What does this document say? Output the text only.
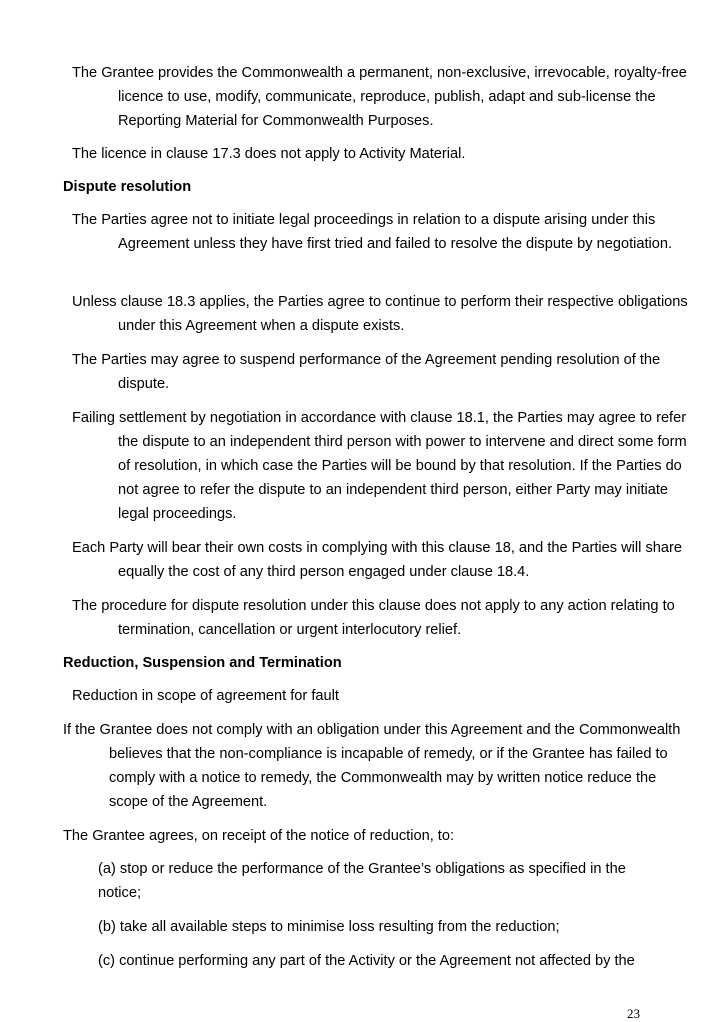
The Grantee provides the Commonwealth a permanent, non-exclusive, irrevocable, royalty-free licence to use, modify, communicate, reproduce, publish, adapt and sub-license the Reporting Material for Commonwealth Purposes.

The licence in clause 17.3 does not apply to Activity Material.

Dispute resolution

The Parties agree not to initiate legal proceedings in relation to a dispute arising under this Agreement unless they have first tried and failed to resolve the dispute by negotiation.

Unless clause 18.3 applies, the Parties agree to continue to perform their respective obligations under this Agreement when a dispute exists.

The Parties may agree to suspend performance of the Agreement pending resolution of the dispute.

Failing settlement by negotiation in accordance with clause 18.1, the Parties may agree to refer the dispute to an independent third person with power to intervene and direct some form of resolution, in which case the Parties will be bound by that resolution. If the Parties do not agree to refer the dispute to an independent third person, either Party may initiate legal proceedings.

Each Party will bear their own costs in complying with this clause 18, and the Parties will share equally the cost of any third person engaged under clause 18.4.

The procedure for dispute resolution under this clause does not apply to any action relating to termination, cancellation or urgent interlocutory relief.

Reduction, Suspension and Termination

Reduction in scope of agreement for fault

If the Grantee does not comply with an obligation under this Agreement and the Commonwealth believes that the non-compliance is incapable of remedy, or if the Grantee has failed to comply with a notice to remedy, the Commonwealth may by written notice reduce the scope of the Agreement.

The Grantee agrees, on receipt of the notice of reduction, to:

(a) stop or reduce the performance of the Grantee’s obligations as specified in the notice;

(b) take all available steps to minimise loss resulting from the reduction;

(c) continue performing any part of the Activity or the Agreement not affected by the

23
